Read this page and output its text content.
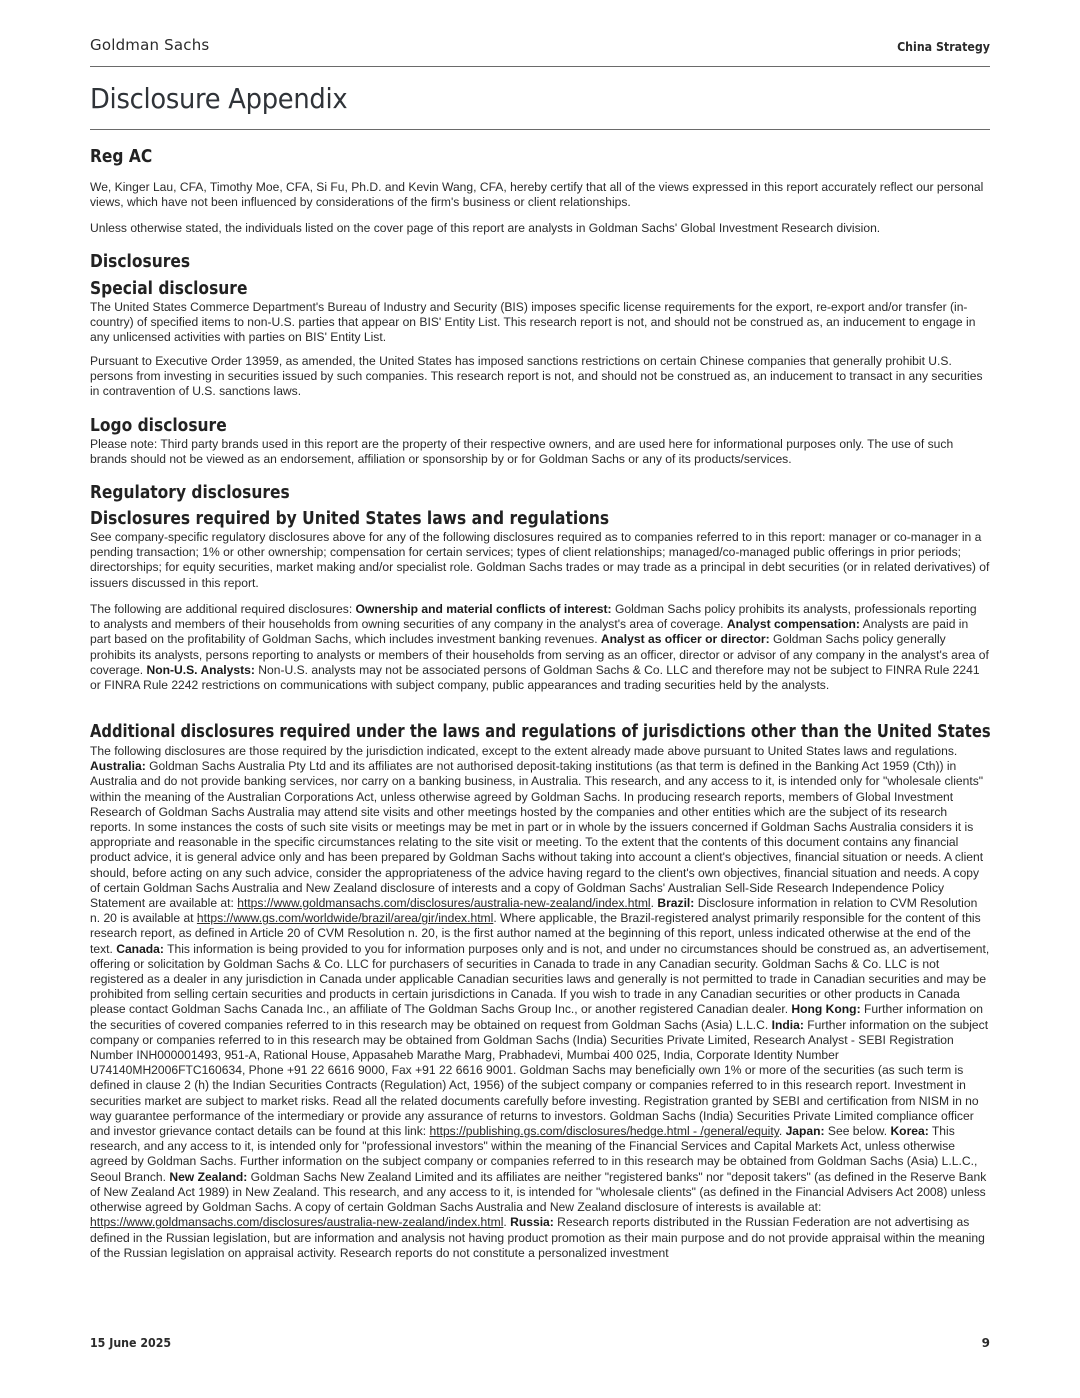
Goldman Sachs	China Strategy
Disclosure Appendix
Reg AC

We, Kinger Lau, CFA, Timothy Moe, CFA, Si Fu, Ph.D. and Kevin Wang, CFA, hereby certify that all of the views expressed in this report accurately reflect our personal views, which have not been influenced by considerations of the firm's business or client relationships.

Unless otherwise stated, the individuals listed on the cover page of this report are analysts in Goldman Sachs' Global Investment Research division.

Disclosures
Special disclosure

The United States Commerce Department's Bureau of Industry and Security (BIS) imposes specific license requirements for the export, re-export and/or transfer (in-country) of specified items to non-U.S. parties that appear on BIS' Entity List. This research report is not, and should not be construed as, an inducement to engage in any unlicensed activities with parties on BIS' Entity List.

Pursuant to Executive Order 13959, as amended, the United States has imposed sanctions restrictions on certain Chinese companies that generally prohibit U.S. persons from investing in securities issued by such companies. This research report is not, and should not be construed as, an inducement to transact in any securities in contravention of U.S. sanctions laws.

Logo disclosure

Please note: Third party brands used in this report are the property of their respective owners, and are used here for informational purposes only. The use of such brands should not be viewed as an endorsement, affiliation or sponsorship by or for Goldman Sachs or any of its products/services.

Regulatory disclosures
Disclosures required by United States laws and regulations

See company-specific regulatory disclosures above for any of the following disclosures required as to companies referred to in this report: manager or co-manager in a pending transaction; 1% or other ownership; compensation for certain services; types of client relationships; managed/co-managed public offerings in prior periods; directorships; for equity securities, market making and/or specialist role. Goldman Sachs trades or may trade as a principal in debt securities (or in related derivatives) of issuers discussed in this report.

The following are additional required disclosures: Ownership and material conflicts of interest: Goldman Sachs policy prohibits its analysts, professionals reporting to analysts and members of their households from owning securities of any company in the analyst's area of coverage. Analyst compensation: Analysts are paid in part based on the profitability of Goldman Sachs, which includes investment banking revenues. Analyst as officer or director: Goldman Sachs policy generally prohibits its analysts, persons reporting to analysts or members of their households from serving as an officer, director or advisor of any company in the analyst's area of coverage. Non-U.S. Analysts: Non-U.S. analysts may not be associated persons of Goldman Sachs & Co. LLC and therefore may not be subject to FINRA Rule 2241 or FINRA Rule 2242 restrictions on communications with subject company, public appearances and trading securities held by the analysts.

Additional disclosures required under the laws and regulations of jurisdictions other than the United States

The following disclosures are those required by the jurisdiction indicated, except to the extent already made above pursuant to United States laws and regulations. Australia: Goldman Sachs Australia Pty Ltd and its affiliates are not authorised deposit-taking institutions (as that term is defined in the Banking Act 1959 (Cth)) in Australia and do not provide banking services, nor carry on a banking business, in Australia. This research, and any access to it, is intended only for "wholesale clients" within the meaning of the Australian Corporations Act, unless otherwise agreed by Goldman Sachs. In producing research reports, members of Global Investment Research of Goldman Sachs Australia may attend site visits and other meetings hosted by the companies and other entities which are the subject of its research reports. In some instances the costs of such site visits or meetings may be met in part or in whole by the issuers concerned if Goldman Sachs Australia considers it is appropriate and reasonable in the specific circumstances relating to the site visit or meeting. To the extent that the contents of this document contains any financial product advice, it is general advice only and has been prepared by Goldman Sachs without taking into account a client's objectives, financial situation or needs. A client should, before acting on any such advice, consider the appropriateness of the advice having regard to the client's own objectives, financial situation and needs. A copy of certain Goldman Sachs Australia and New Zealand disclosure of interests and a copy of Goldman Sachs' Australian Sell-Side Research Independence Policy Statement are available at: https://www.goldmansachs.com/disclosures/australia-new-zealand/index.html. Brazil: Disclosure information in relation to CVM Resolution n. 20 is available at https://www.gs.com/worldwide/brazil/area/gir/index.html. Where applicable, the Brazil-registered analyst primarily responsible for the content of this research report, as defined in Article 20 of CVM Resolution n. 20, is the first author named at the beginning of this report, unless indicated otherwise at the end of the text. Canada: This information is being provided to you for information purposes only and is not, and under no circumstances should be construed as, an advertisement, offering or solicitation by Goldman Sachs & Co. LLC for purchasers of securities in Canada to trade in any Canadian security. Goldman Sachs & Co. LLC is not registered as a dealer in any jurisdiction in Canada under applicable Canadian securities laws and generally is not permitted to trade in Canadian securities and may be prohibited from selling certain securities and products in certain jurisdictions in Canada. If you wish to trade in any Canadian securities or other products in Canada please contact Goldman Sachs Canada Inc., an affiliate of The Goldman Sachs Group Inc., or another registered Canadian dealer. Hong Kong: Further information on the securities of covered companies referred to in this research may be obtained on request from Goldman Sachs (Asia) L.L.C. India: Further information on the subject company or companies referred to in this research may be obtained from Goldman Sachs (India) Securities Private Limited, Research Analyst - SEBI Registration Number INH000001493, 951-A, Rational House, Appasaheb Marathe Marg, Prabhadevi, Mumbai 400 025, India, Corporate Identity Number U74140MH2006FTC160634, Phone +91 22 6616 9000, Fax +91 22 6616 9001. Goldman Sachs may beneficially own 1% or more of the securities (as such term is defined in clause 2 (h) the Indian Securities Contracts (Regulation) Act, 1956) of the subject company or companies referred to in this research report. Investment in securities market are subject to market risks. Read all the related documents carefully before investing. Registration granted by SEBI and certification from NISM in no way guarantee performance of the intermediary or provide any assurance of returns to investors. Goldman Sachs (India) Securities Private Limited compliance officer and investor grievance contact details can be found at this link: https://publishing.gs.com/disclosures/hedge.html - /general/equity. Japan: See below. Korea: This research, and any access to it, is intended only for "professional investors" within the meaning of the Financial Services and Capital Markets Act, unless otherwise agreed by Goldman Sachs. Further information on the subject company or companies referred to in this research may be obtained from Goldman Sachs (Asia) L.L.C., Seoul Branch. New Zealand: Goldman Sachs New Zealand Limited and its affiliates are neither "registered banks" nor "deposit takers" (as defined in the Reserve Bank of New Zealand Act 1989) in New Zealand. This research, and any access to it, is intended for "wholesale clients" (as defined in the Financial Advisers Act 2008) unless otherwise agreed by Goldman Sachs. A copy of certain Goldman Sachs Australia and New Zealand disclosure of interests is available at: https://www.goldmansachs.com/disclosures/australia-new-zealand/index.html. Russia: Research reports distributed in the Russian Federation are not advertising as defined in the Russian legislation, but are information and analysis not having product promotion as their main purpose and do not provide appraisal within the meaning of the Russian legislation on appraisal activity. Research reports do not constitute a personalized investment

15 June 2025	9
